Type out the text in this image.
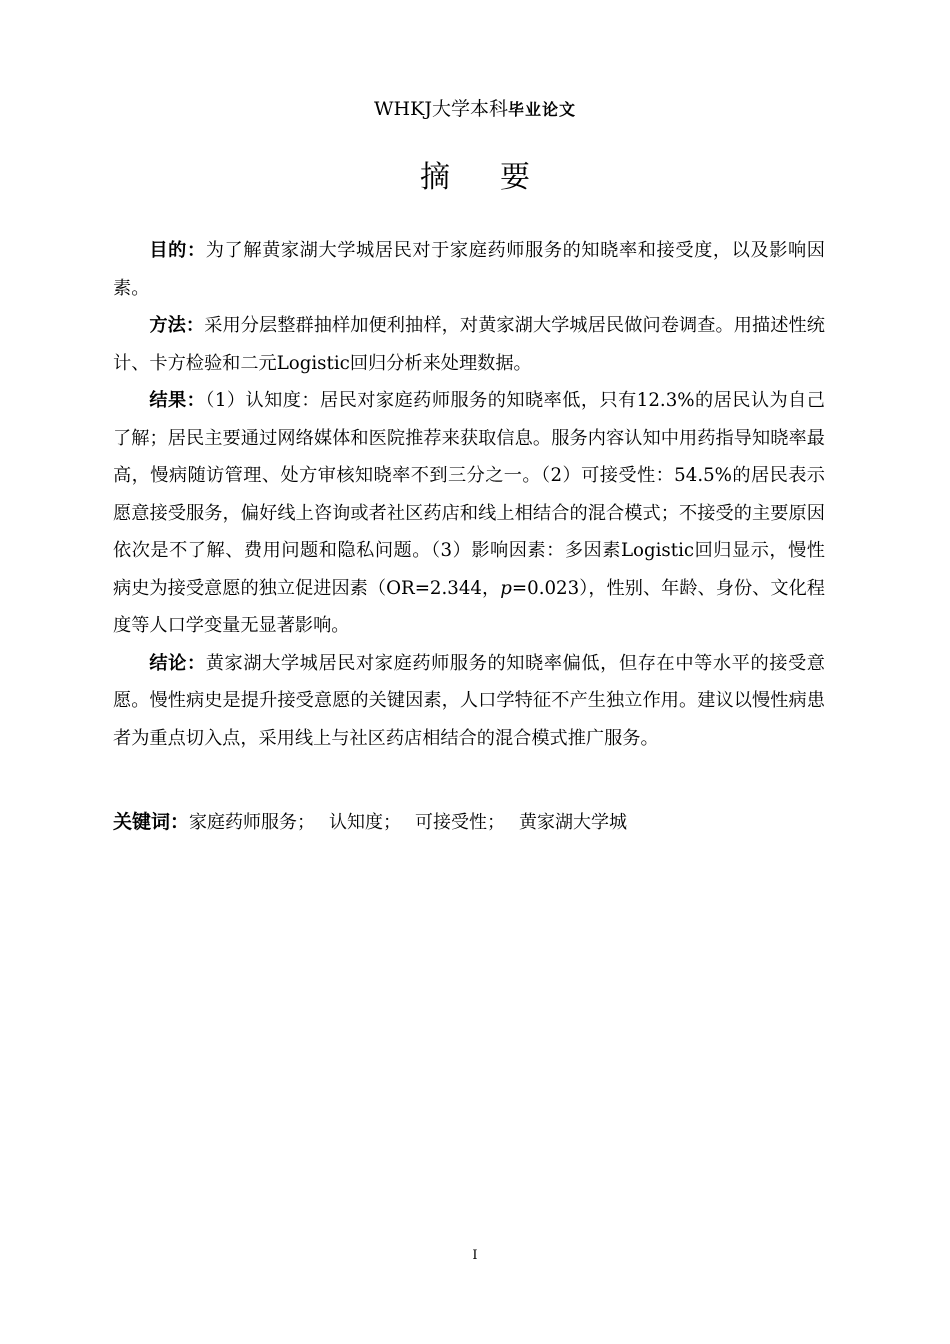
WHKJ大学本科毕业论文
摘要

目的：为了解黄家湖大学城居民对于家庭药师服务的知晓率和接受度，以及影响因素。

方法：采用分层整群抽样加便利抽样，对黄家湖大学城居民做问卷调查。用描述性统计、卡方检验和二元Logistic回归分析来处理数据。

结果：（1）认知度：居民对家庭药师服务的知晓率低，只有12.3%的居民认为自己了解；居民主要通过网络媒体和医院推荐来获取信息。服务内容认知中用药指导知晓率最高，慢病随访管理、处方审核知晓率不到三分之一。（2）可接受性：54.5%的居民表示愿意接受服务，偏好线上咨询或者社区药店和线上相结合的混合模式；不接受的主要原因依次是不了解、费用问题和隐私问题。（3）影响因素：多因素Logistic回归显示，慢性病史为接受意愿的独立促进因素（OR=2.344，p=0.023），性别、年龄、身份、文化程度等人口学变量无显著影响。

结论：黄家湖大学城居民对家庭药师服务的知晓率偏低，但存在中等水平的接受意愿。慢性病史是提升接受意愿的关键因素，人口学特征不产生独立作用。建议以慢性病患者为重点切入点，采用线上与社区药店相结合的混合模式推广服务。

关键词：家庭药师服务； 认知度； 可接受性； 黄家湖大学城
I
